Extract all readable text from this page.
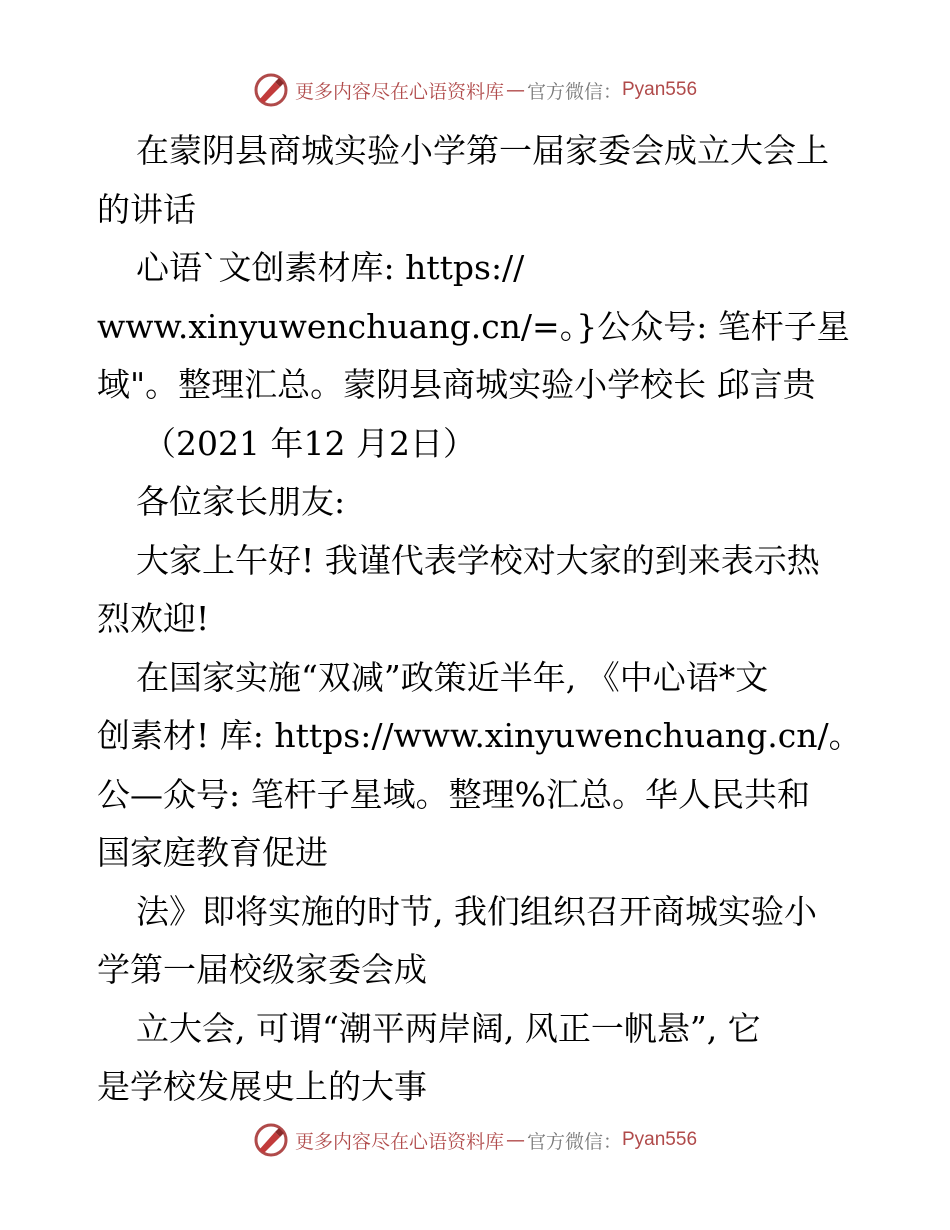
更多内容尽在心语资料库 — 官方微信： Pyan556
在蒙阴县商城实验小学第一届家委会成立大会上
的讲话
心语`文创素材库: https://
www.xinyuwenchuang.cn/=。}公众号: 笔杆子星
域"。整理汇总。蒙阴县商城实验小学校长 邱言贵
（2021 年12 月2日）
各位家长朋友:
大家上午好! 我谨代表学校对大家的到来表示热
烈欢迎!
在国家实施“双减”政策近半年, 《中心语*文
创素材! 库: https://www.xinyuwenchuang.cn/。
公—众号: 笔杆子星域。整理%汇总。华人民共和
国家庭教育促进
法》即将实施的时节, 我们组织召开商城实验小
学第一届校级家委会成
立大会, 可谓“潮平两岸阔, 风正一帆悬”, 它
是学校发展史上的大事
更多内容尽在心语资料库 — 官方微信： Pyan556
